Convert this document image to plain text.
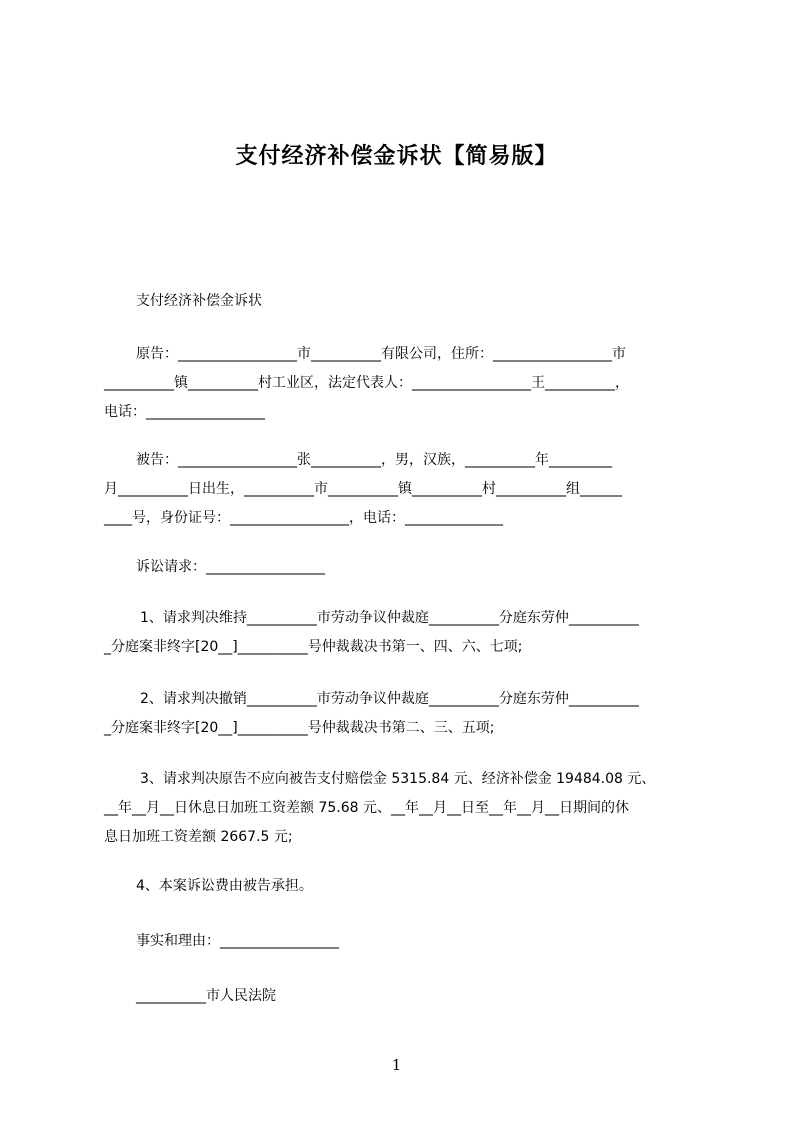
支付经济补偿金诉状【简易版】
支付经济补偿金诉状
原告：_________________市__________有限公司，住所：_________________市
__________镇__________村工业区，法定代表人：_________________王__________，
电话：_________________
被告：_________________张__________，男，汉族，__________年_________
月__________日出生，__________市__________镇__________村__________组______
____号，身份证号：_________________，电话：______________
诉讼请求：_________________
1、请求判决维持__________市劳动争议仲裁庭__________分庭东劳仲__________
_分庭案非终字[20__]__________号仲裁裁决书第一、四、六、七项;
2、请求判决撤销__________市劳动争议仲裁庭__________分庭东劳仲__________
_分庭案非终字[20__]__________号仲裁裁决书第二、三、五项;
3、请求判决原告不应向被告支付赔偿金 5315.84 元、经济补偿金 19484.08 元、
__年__月__日休息日加班工资差额 75.68 元、__年__月__日至__年__月__日期间的休
息日加班工资差额 2667.5 元;
4、本案诉讼费由被告承担。
事实和理由：_________________
__________市人民法院
1
